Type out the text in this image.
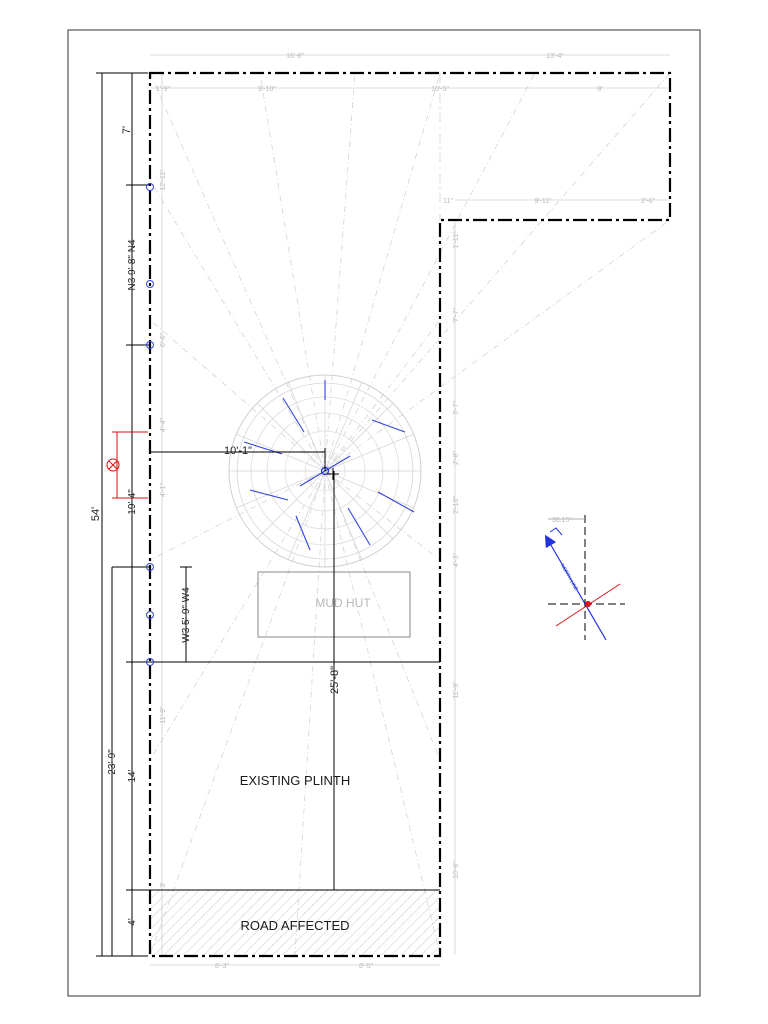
MUD HUT
EXISTING PLINTH
ROAD AFFECTED
54'
7'
N3 9'-8" N4
19'-4"
W3 5'-9" W4
23'-9"
14'
4'
10'-1"
25'-8"
16'-8"	13'-4"
1'-9"	9'-10"	10'-5"	8'
11"	9'-11"	2'-6"
12'-11"
6'-6"
4'-4"
4'-1"
11'-9"
3'
1'-11"
7'-7"
3'-7"
2'-8"
2'-10"
4'-3"
11'-9"
10'-6"
8'-3"	8'-5"
30.15°
NORTH LINE
